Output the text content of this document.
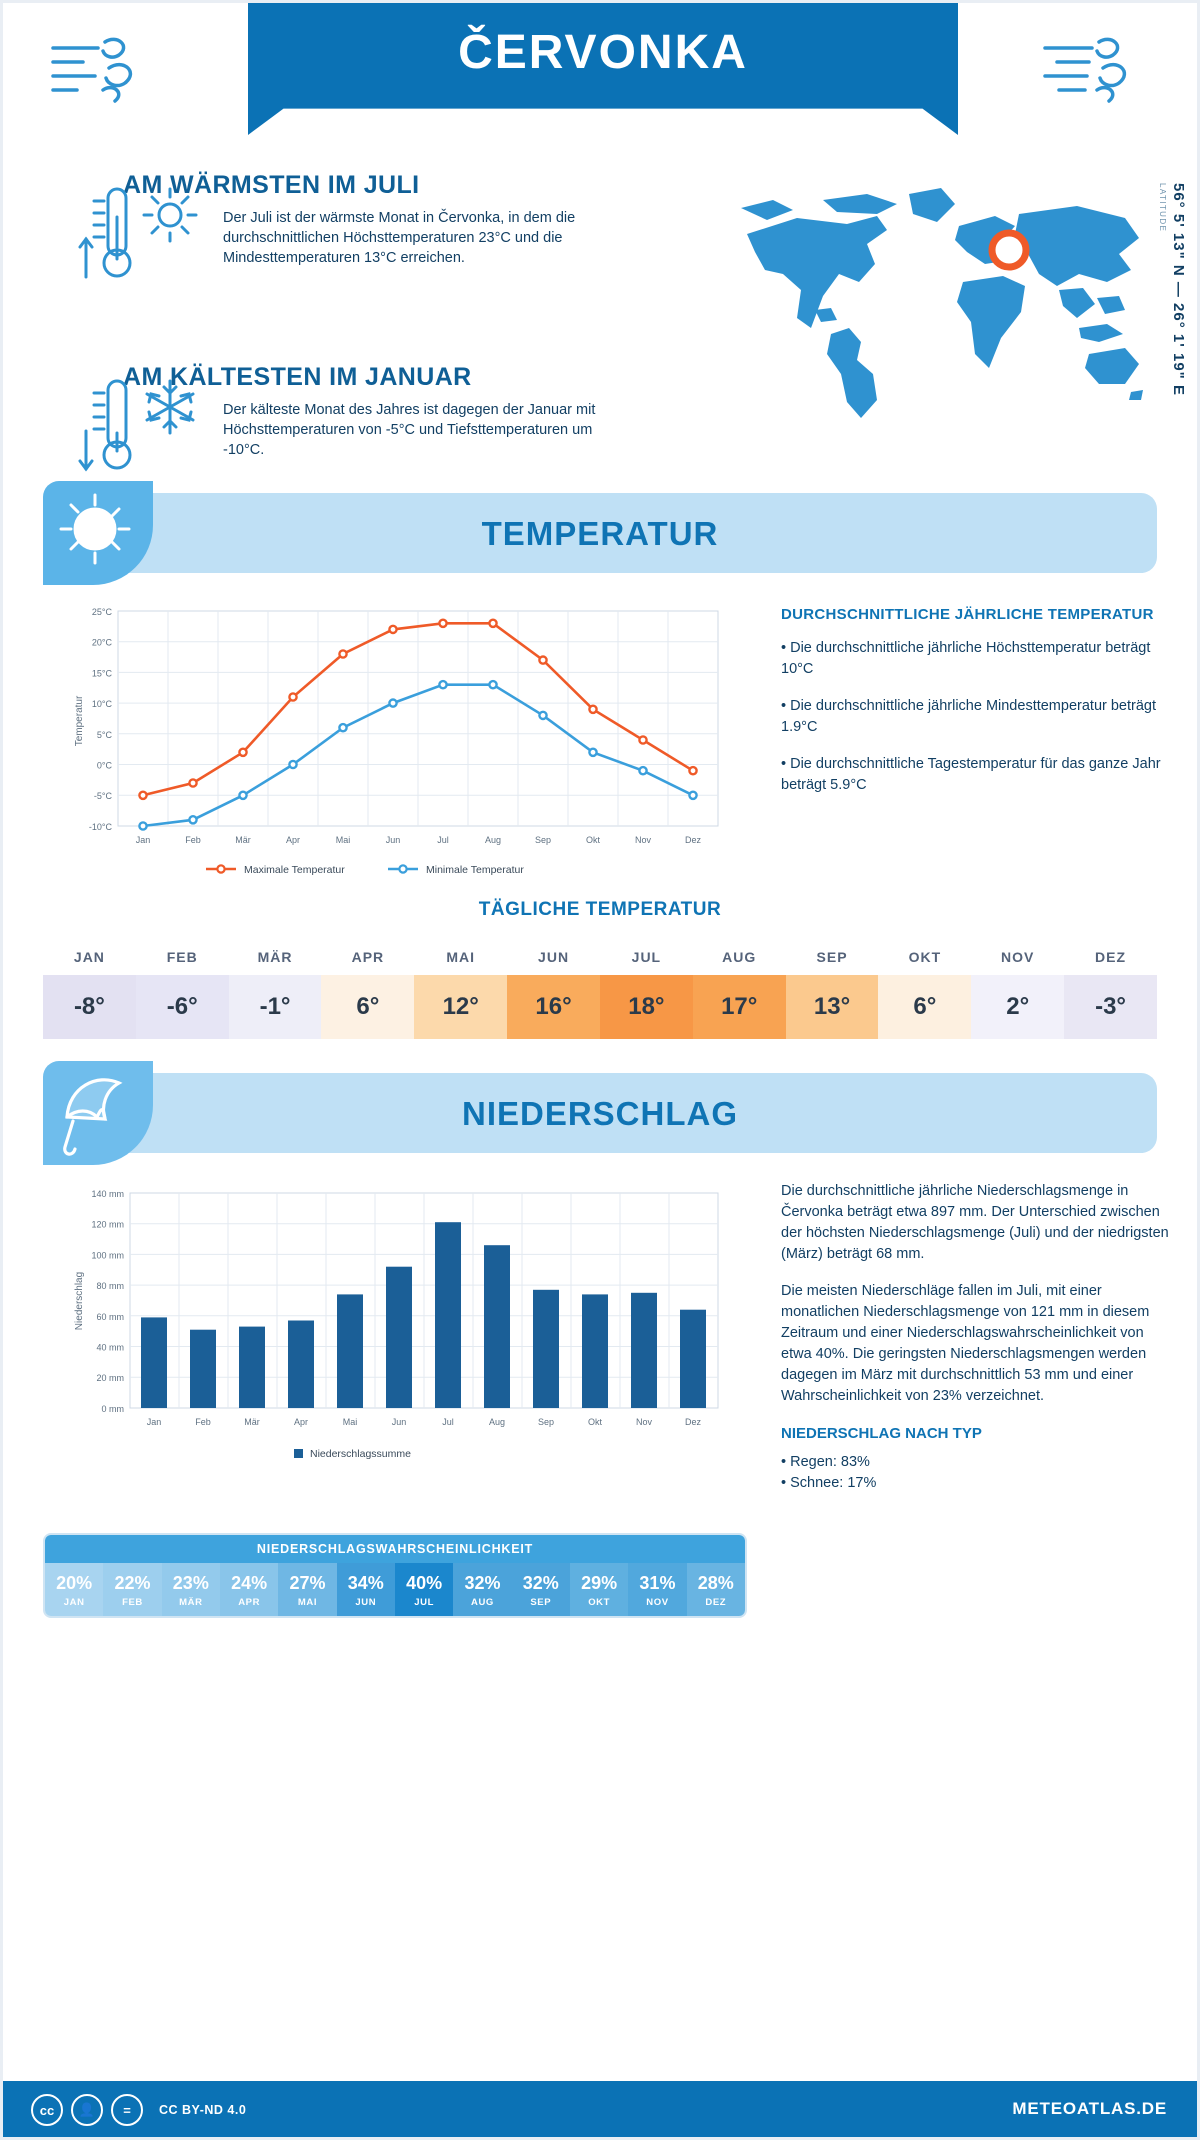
ČERVONKA
LETTLAND
AM WÄRMSTEN IM JULI
Der Juli ist der wärmste Monat in Červonka, in dem die durchschnittlichen Höchsttemperaturen 23°C und die Mindesttemperaturen 13°C erreichen.
AM KÄLTESTEN IM JANUAR
Der kälteste Monat des Jahres ist dagegen der Januar mit Höchsttemperaturen von -5°C und Tiefsttemperaturen um -10°C.
56° 5' 13" N — 26° 1' 19" E
LATITUDE
TEMPERATUR
25°C
20°C
15°C
10°C
5°C
0°C
-5°C
-10°C
Jan	Feb	Mär	Apr	Mai	Jun	Jul	Aug	Sep	Okt	Nov	Dez
Temperatur
Maximale Temperatur	Minimale Temperatur
DURCHSCHNITTLICHE JÄHRLICHE TEMPERATUR
• Die durchschnittliche jährliche Höchsttemperatur beträgt 10°C
• Die durchschnittliche jährliche Mindesttemperatur beträgt 1.9°C
• Die durchschnittliche Tagestemperatur für das ganze Jahr beträgt 5.9°C
TÄGLICHE TEMPERATUR
JAN	FEB	MÄR	APR	MAI	JUN	JUL	AUG	SEP	OKT	NOV	DEZ
-8°	-6°	-1°	6°	12°	16°	18°	17°	13°	6°	2°	-3°
NIEDERSCHLAG
140 mm
120 mm
100 mm
80 mm
60 mm
40 mm
20 mm
0 mm
Jan	Feb	Mär	Apr	Mai	Jun	Jul	Aug	Sep	Okt	Nov	Dez
Niederschlag
Niederschlagssumme

Die durchschnittliche jährliche Niederschlagsmenge in Červonka beträgt etwa 897 mm. Der Unterschied zwischen der höchsten Niederschlagsmenge (Juli) und der niedrigsten (März) beträgt 68 mm.

Die meisten Niederschläge fallen im Juli, mit einer monatlichen Niederschlagsmenge von 121 mm in diesem Zeitraum und einer Niederschlagswahrscheinlichkeit von etwa 40%. Die geringsten Niederschlagsmengen werden dagegen im März mit durchschnittlich 53 mm und einer Wahrscheinlichkeit von 23% verzeichnet.

NIEDERSCHLAG NACH TYP
• Regen: 83%
• Schnee: 17%
NIEDERSCHLAGSWAHRSCHEINLICHKEIT
20%
JAN
22%
FEB
23%
MÄR
24%
APR
27%
MAI
34%
JUN
40%
JUL
32%
AUG
32%
SEP
29%
OKT
31%
NOV
28%
DEZ
cc	👤	=	CC BY-ND 4.0	METEOATLAS.DE
